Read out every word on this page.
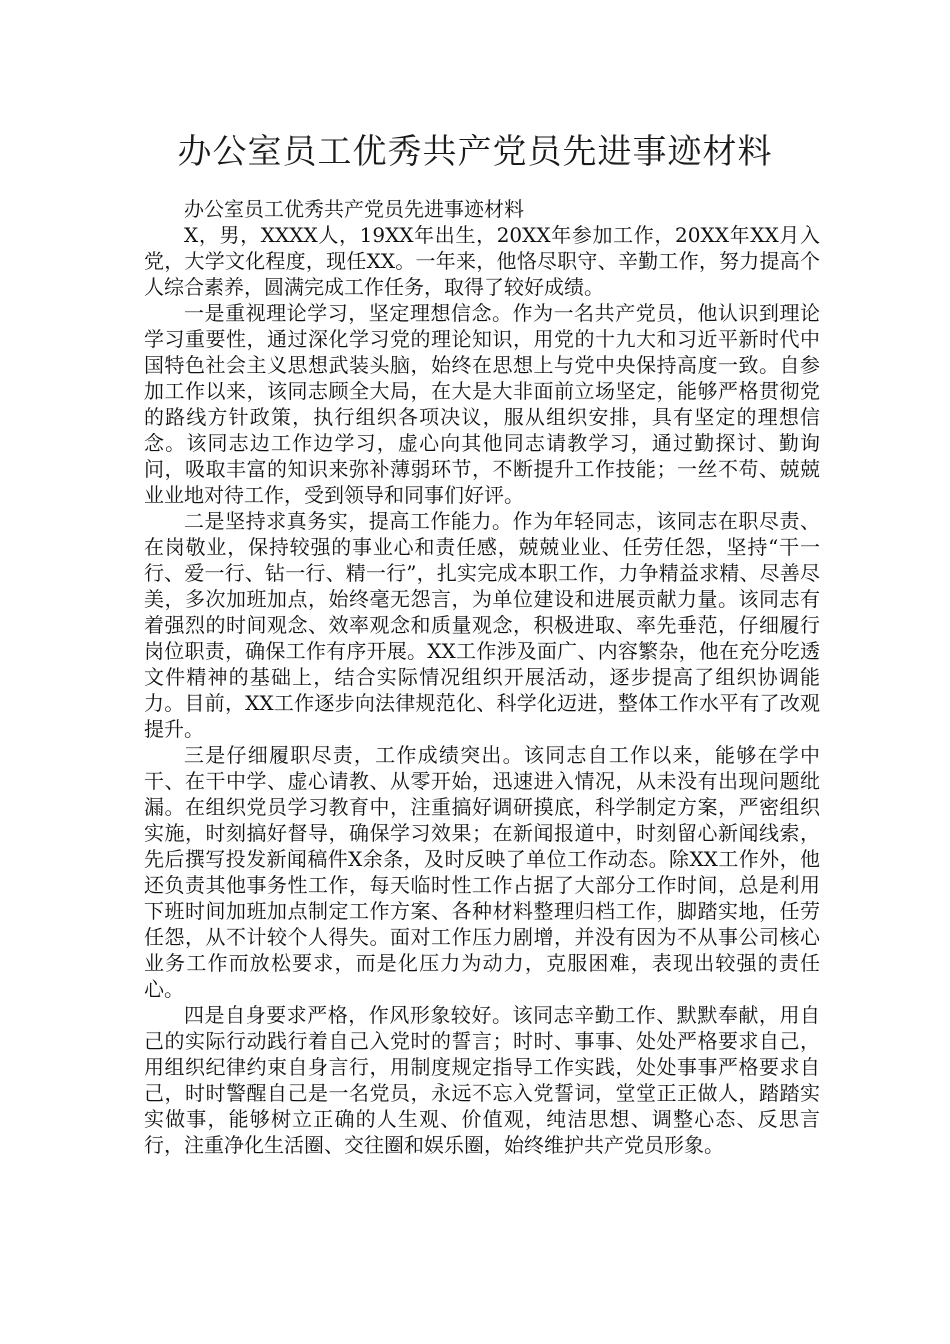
办公室员工优秀共产党员先进事迹材料

办公室员工优秀共产党员先进事迹材料

X，男，XXXX人，19XX年出生，20XX年参加工作，20XX年XX月入党，大学文化程度，现任XX。一年来，他恪尽职守、辛勤工作，努力提高个人综合素养，圆满完成工作任务，取得了较好成绩。

一是重视理论学习，坚定理想信念。作为一名共产党员，他认识到理论学习重要性，通过深化学习党的理论知识，用党的十九大和习近平新时代中国特色社会主义思想武装头脑，始终在思想上与党中央保持高度一致。自参加工作以来，该同志顾全大局，在大是大非面前立场坚定，能够严格贯彻党的路线方针政策，执行组织各项决议，服从组织安排，具有坚定的理想信念。该同志边工作边学习，虚心向其他同志请教学习，通过勤探讨、勤询问，吸取丰富的知识来弥补薄弱环节，不断提升工作技能；一丝不苟、兢兢业业地对待工作，受到领导和同事们好评。

二是坚持求真务实，提高工作能力。作为年轻同志，该同志在职尽责、在岗敬业，保持较强的事业心和责任感，兢兢业业、任劳任怨，坚持“干一行、爱一行、钻一行、精一行”，扎实完成本职工作，力争精益求精、尽善尽美，多次加班加点，始终毫无怨言，为单位建设和进展贡献力量。该同志有着强烈的时间观念、效率观念和质量观念，积极进取、率先垂范，仔细履行岗位职责，确保工作有序开展。XX工作涉及面广、内容繁杂，他在充分吃透文件精神的基础上，结合实际情况组织开展活动，逐步提高了组织协调能力。目前，XX工作逐步向法律规范化、科学化迈进，整体工作水平有了改观提升。

三是仔细履职尽责，工作成绩突出。该同志自工作以来，能够在学中干、在干中学、虚心请教、从零开始，迅速进入情况，从未没有出现问题纰漏。在组织党员学习教育中，注重搞好调研摸底，科学制定方案，严密组织实施，时刻搞好督导，确保学习效果；在新闻报道中，时刻留心新闻线索，先后撰写投发新闻稿件X余条，及时反映了单位工作动态。除XX工作外，他还负责其他事务性工作，每天临时性工作占据了大部分工作时间，总是利用下班时间加班加点制定工作方案、各种材料整理归档工作，脚踏实地，任劳任怨，从不计较个人得失。面对工作压力剧增，并没有因为不从事公司核心业务工作而放松要求，而是化压力为动力，克服困难，表现出较强的责任心。

四是自身要求严格，作风形象较好。该同志辛勤工作、默默奉献，用自己的实际行动践行着自己入党时的誓言；时时、事事、处处严格要求自己，用组织纪律约束自身言行，用制度规定指导工作实践，处处事事严格要求自己，时时警醒自己是一名党员，永远不忘入党誓词，堂堂正正做人，踏踏实实做事，能够树立正确的人生观、价值观，纯洁思想、调整心态、反思言行，注重净化生活圈、交往圈和娱乐圈，始终维护共产党员形象。
